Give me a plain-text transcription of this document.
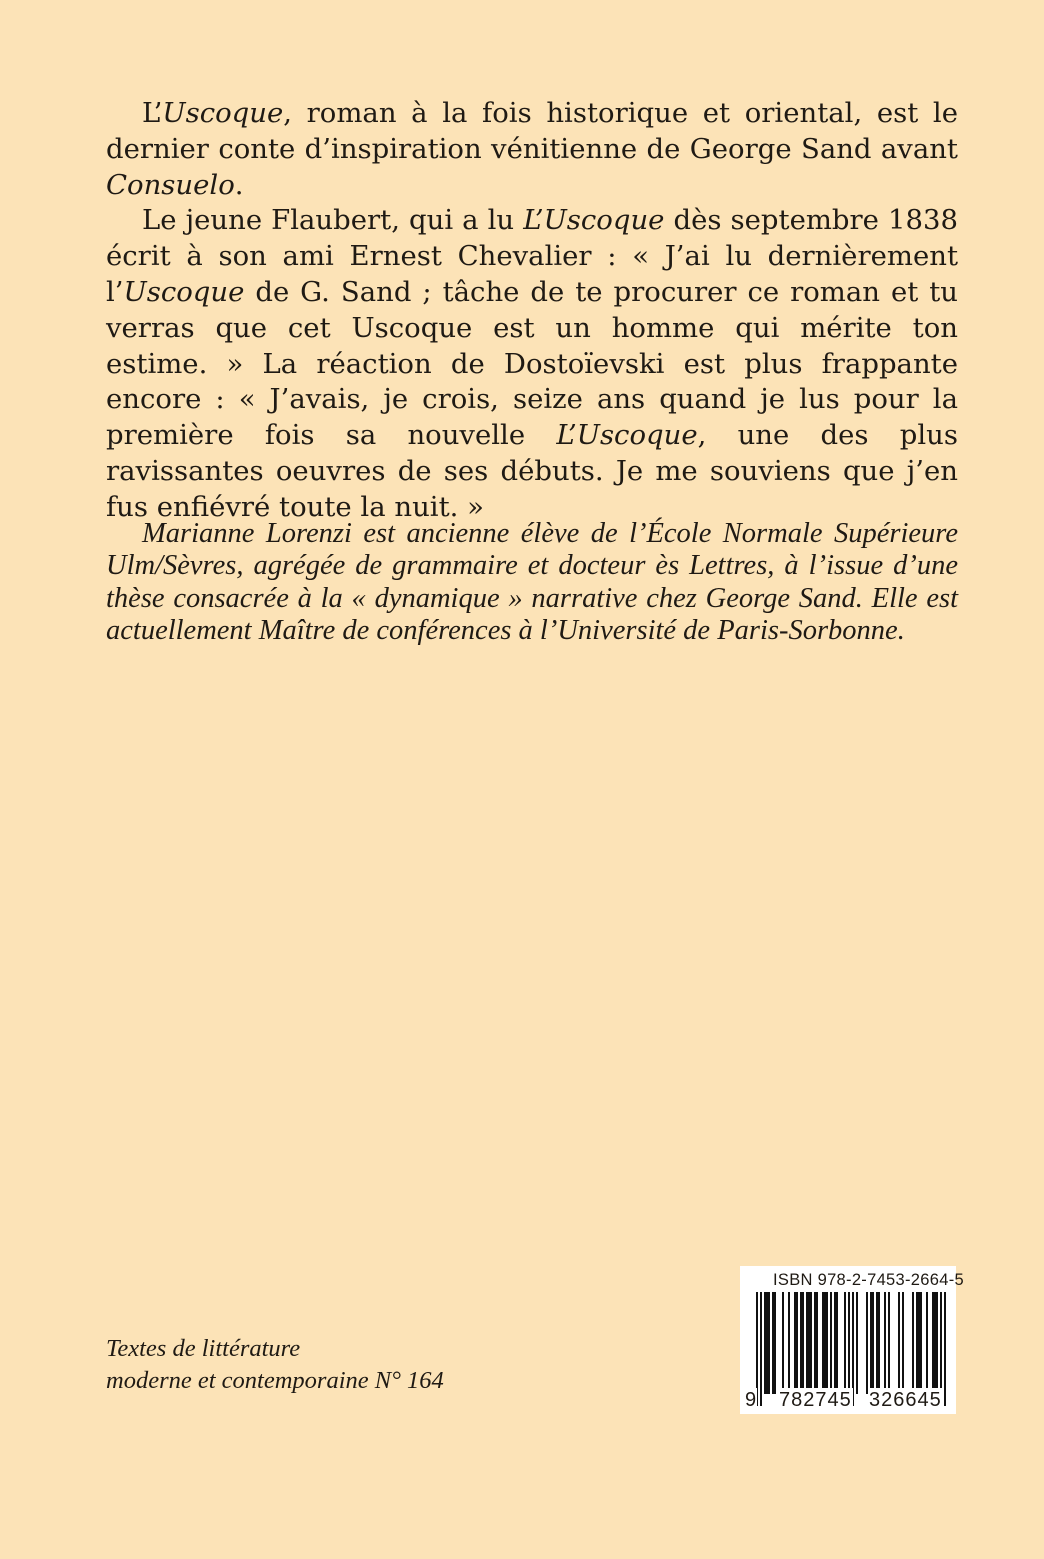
L’Uscoque, roman à la fois historique et oriental, est le dernier conte d’inspiration vénitienne de George Sand avant Consuelo.

Le jeune Flaubert, qui a lu L’Uscoque dès septembre 1838 écrit à son ami Ernest Chevalier : « J’ai lu dernièrement l’Uscoque de G. Sand ; tâche de te procurer ce roman et tu verras que cet Uscoque est un homme qui mérite ton estime. » La réaction de Dostoïevski est plus frappante encore : « J’avais, je crois, seize ans quand je lus pour la première fois sa nouvelle L’Uscoque, une des plus ravissantes oeuvres de ses débuts. Je me souviens que j’en fus enfiévré toute la nuit. »

Marianne Lorenzi est ancienne élève de l’École Normale Supérieure Ulm/Sèvres, agrégée de grammaire et docteur ès Lettres, à l’issue d’une thèse consacrée à la « dynamique » narrative chez George Sand. Elle est actuellement Maître de conférences à l’Université de Paris-Sorbonne.

Textes de littérature
moderne et contemporaine N° 164
ISBN 978-2-7453-2664-5
9 782745 326645
